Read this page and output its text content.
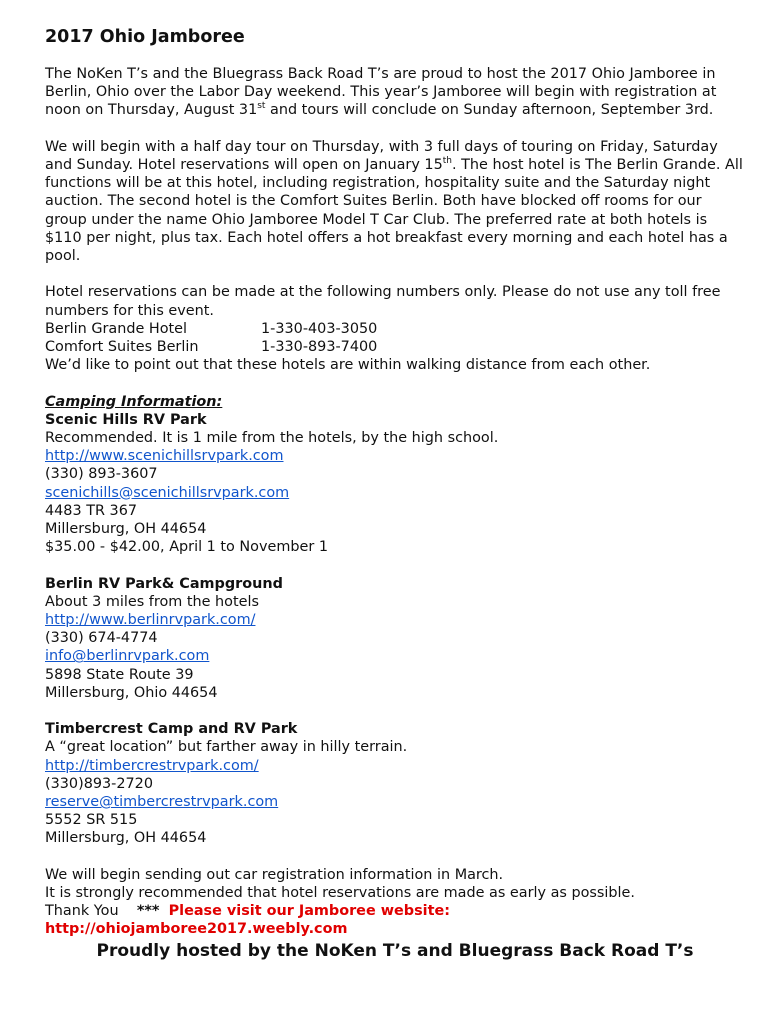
2017 Ohio Jamboree

The NoKen T’s and the Bluegrass Back Road T’s are proud to host the 2017 Ohio Jamboree in Berlin, Ohio over the Labor Day weekend. This year’s Jamboree will begin with registration at noon on Thursday, August 31st and tours will conclude on Sunday afternoon, September 3rd.

We will begin with a half day tour on Thursday, with 3 full days of touring on Friday, Saturday and Sunday. Hotel reservations will open on January 15th. The host hotel is The Berlin Grande. All functions will be at this hotel, including registration, hospitality suite and the Saturday night auction. The second hotel is the Comfort Suites Berlin. Both have blocked off rooms for our group under the name Ohio Jamboree Model T Car Club. The preferred rate at both hotels is $110 per night, plus tax. Each hotel offers a hot breakfast every morning and each hotel has a pool.

Hotel reservations can be made at the following numbers only. Please do not use any toll free numbers for this event.

Berlin Grande Hotel	1-330-403-3050

Comfort Suites Berlin	1-330-893-7400

We’d like to point out that these hotels are within walking distance from each other.

Camping Information:

Scenic Hills RV Park

Recommended. It is 1 mile from the hotels, by the high school.

http://www.scenichillsrvpark.com

(330) 893-3607

scenichills@scenichillsrvpark.com

4483 TR 367

Millersburg, OH 44654

$35.00 - $42.00, April 1 to November 1

Berlin RV Park& Campground

About 3 miles from the hotels

http://www.berlinrvpark.com/

(330) 674-4774

info@berlinrvpark.com

5898 State Route 39

Millersburg, Ohio 44654

Timbercrest Camp and RV Park

A “great location” but farther away in hilly terrain.

http://timbercrestrvpark.com/

(330)893-2720

reserve@timbercrestrvpark.com

5552 SR 515

Millersburg, OH 44654

We will begin sending out car registration information in March.

It is strongly recommended that hotel reservations are made as early as possible.

Thank You *** Please visit our Jamboree website:

http://ohiojamboree2017.weebly.com

Proudly hosted by the NoKen T’s and Bluegrass Back Road T’s
